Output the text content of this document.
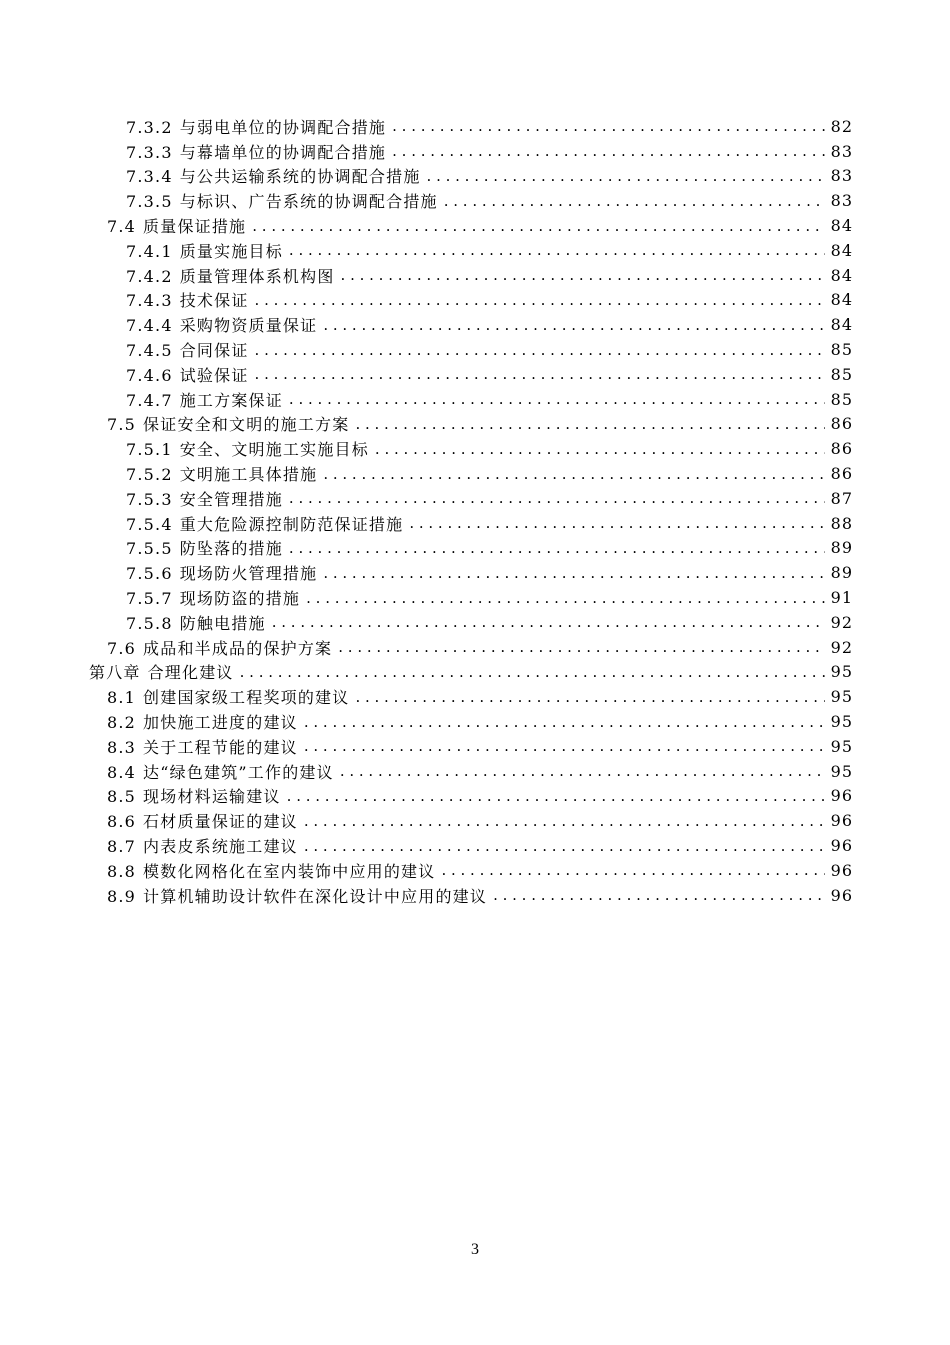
7.3.2 与弱电单位的协调配合措施 . . .	82
7.3.3 与幕墙单位的协调配合措施 . . .	83
7.3.4 与公共运输系统的协调配合措施 . . .	83
7.3.5 与标识、广告系统的协调配合措施 . . .	83
7.4 质量保证措施 . . .	84
7.4.1 质量实施目标 . . .	84
7.4.2 质量管理体系机构图 . . .	84
7.4.3 技术保证 . . .	84
7.4.4 采购物资质量保证 . . .	84
7.4.5 合同保证 . . .	85
7.4.6 试验保证 . . .	85
7.4.7 施工方案保证 . . .	85
7.5 保证安全和文明的施工方案 . . .	86
7.5.1 安全、文明施工实施目标 . . .	86
7.5.2 文明施工具体措施 . . .	86
7.5.3 安全管理措施 . . .	87
7.5.4 重大危险源控制防范保证措施 . . .	88
7.5.5 防坠落的措施 . . .	89
7.5.6 现场防火管理措施 . . .	89
7.5.7 现场防盗的措施 . . .	91
7.5.8 防触电措施 . . .	92
7.6 成品和半成品的保护方案 . . .	92
第八章 合理化建议 . . .	95
8.1 创建国家级工程奖项的建议 . . .	95
8.2 加快施工进度的建议 . . .	95
8.3 关于工程节能的建议 . . .	95
8.4 达“绿色建筑”工作的建议 . . .	95
8.5 现场材料运输建议 . . .	96
8.6 石材质量保证的建议 . . .	96
8.7 内表皮系统施工建议 . . .	96
8.8 模数化网格化在室内装饰中应用的建议 . . .	96
8.9 计算机辅助设计软件在深化设计中应用的建议 . . .	96
3
